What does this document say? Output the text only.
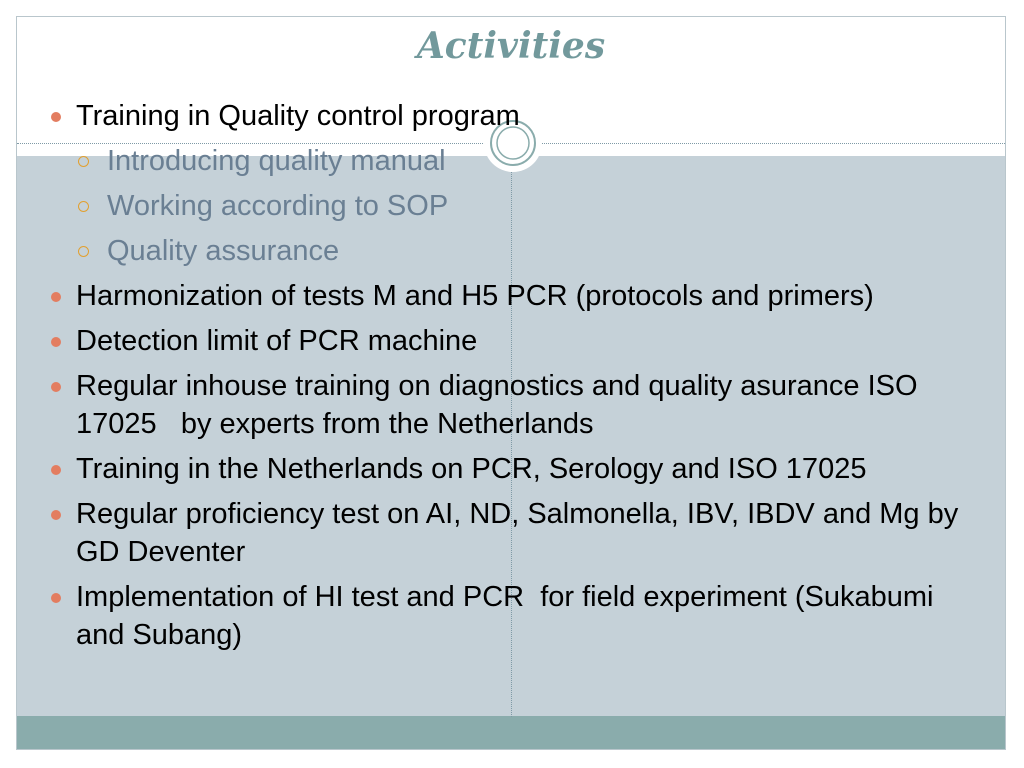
Activities
Training in Quality control program
Introducing quality manual
Working according to SOP
Quality assurance
Harmonization of tests M and H5 PCR (protocols and primers)
Detection limit of PCR machine
Regular inhouse training on diagnostics and quality asurance ISO 17025   by experts from the Netherlands
Training in the Netherlands on PCR, Serology and ISO 17025
Regular proficiency test on AI, ND, Salmonella, IBV, IBDV and Mg by GD Deventer
Implementation of HI test and PCR  for field experiment (Sukabumi and Subang)
